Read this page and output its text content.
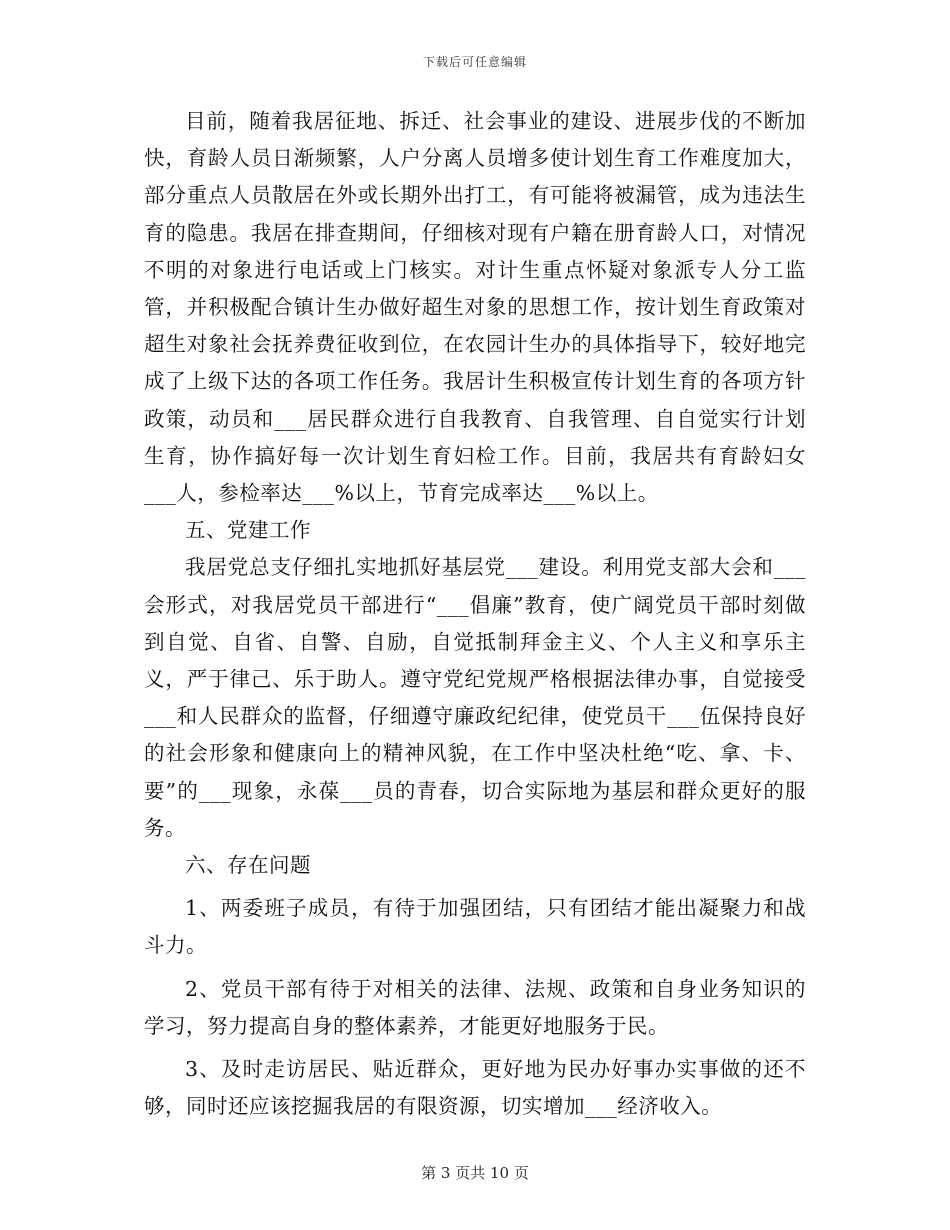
下载后可任意编辑

目前，随着我居征地、拆迁、社会事业的建设、进展步伐的不断加快，育龄人员日渐频繁，人户分离人员增多使计划生育工作难度加大，部分重点人员散居在外或长期外出打工，有可能将被漏管，成为违法生育的隐患。我居在排查期间，仔细核对现有户籍在册育龄人口，对情况不明的对象进行电话或上门核实。对计生重点怀疑对象派专人分工监管，并积极配合镇计生办做好超生对象的思想工作，按计划生育政策对超生对象社会抚养费征收到位，在农园计生办的具体指导下，较好地完成了上级下达的各项工作任务。我居计生积极宣传计划生育的各项方针政策，动员和___居民群众进行自我教育、自我管理、自自觉实行计划生育，协作搞好每一次计划生育妇检工作。目前，我居共有育龄妇女___人，参检率达___%以上，节育完成率达___%以上。

五、党建工作

我居党总支仔细扎实地抓好基层党___建设。利用党支部大会和___会形式，对我居党员干部进行“___倡廉”教育，使广阔党员干部时刻做到自觉、自省、自警、自励，自觉抵制拜金主义、个人主义和享乐主义，严于律己、乐于助人。遵守党纪党规严格根据法律办事，自觉接受___和人民群众的监督，仔细遵守廉政纪纪律，使党员干___伍保持良好的社会形象和健康向上的精神风貌，在工作中坚决杜绝“吃、拿、卡、要”的___现象，永葆___员的青春，切合实际地为基层和群众更好的服务。

六、存在问题

1、两委班子成员，有待于加强团结，只有团结才能出凝聚力和战斗力。

2、党员干部有待于对相关的法律、法规、政策和自身业务知识的学习，努力提高自身的整体素养，才能更好地服务于民。

3、及时走访居民、贴近群众，更好地为民办好事办实事做的还不够，同时还应该挖掘我居的有限资源，切实增加___经济收入。

第 3 页共 10 页
